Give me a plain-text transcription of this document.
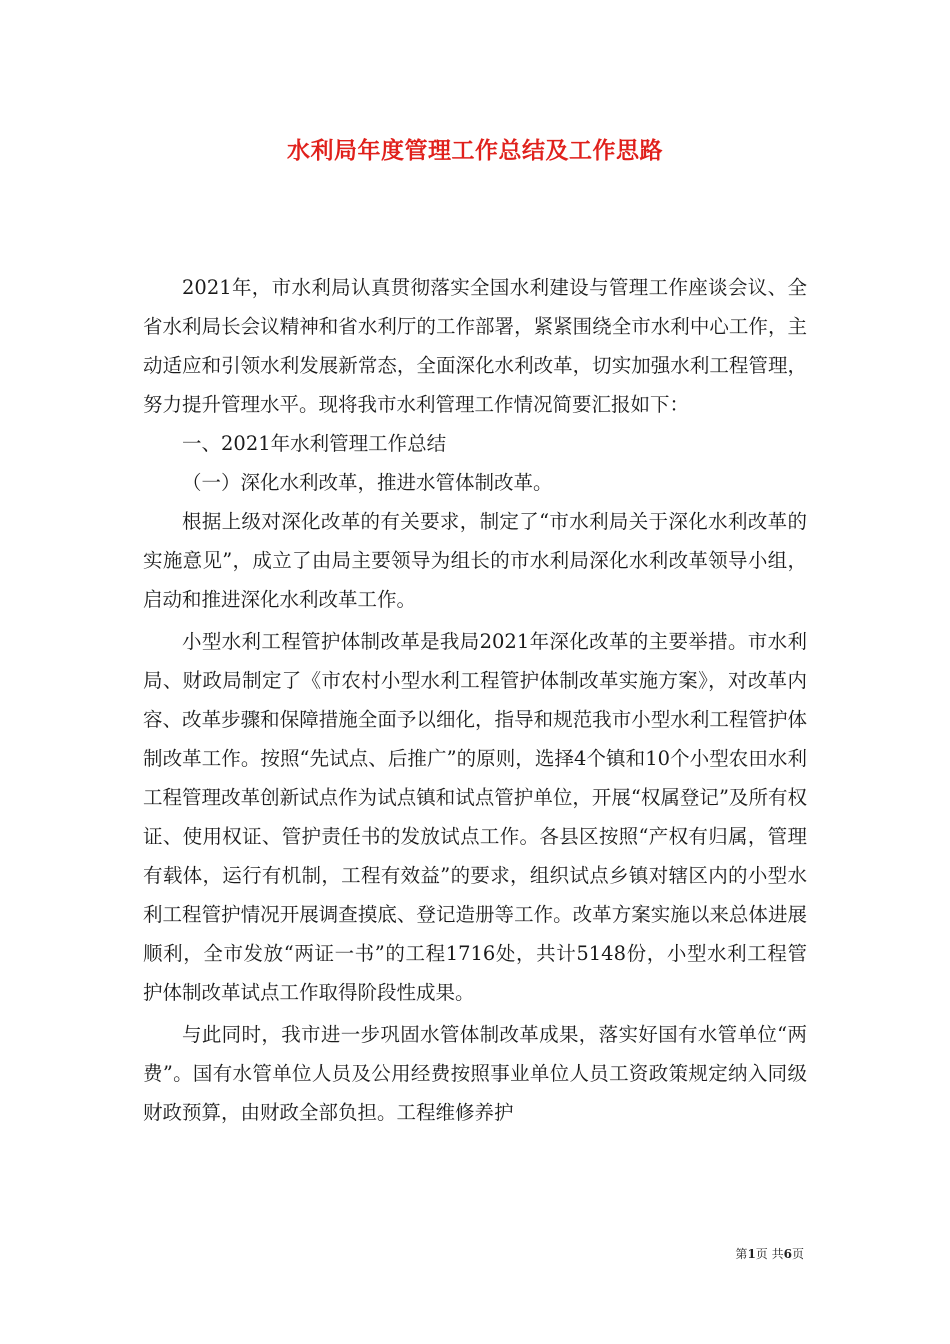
水利局年度管理工作总结及工作思路

2021年，市水利局认真贯彻落实全国水利建设与管理工作座谈会议、全省水利局长会议精神和省水利厅的工作部署，紧紧围绕全市水利中心工作，主动适应和引领水利发展新常态，全面深化水利改革，切实加强水利工程管理，努力提升管理水平。现将我市水利管理工作情况简要汇报如下：

一、2021年水利管理工作总结

（一）深化水利改革，推进水管体制改革。

根据上级对深化改革的有关要求，制定了“市水利局关于深化水利改革的实施意见”，成立了由局主要领导为组长的市水利局深化水利改革领导小组，启动和推进深化水利改革工作。

小型水利工程管护体制改革是我局2021年深化改革的主要举措。市水利局、财政局制定了《市农村小型水利工程管护体制改革实施方案》，对改革内容、改革步骤和保障措施全面予以细化，指导和规范我市小型水利工程管护体制改革工作。按照“先试点、后推广”的原则，选择4个镇和10个小型农田水利工程管理改革创新试点作为试点镇和试点管护单位，开展“权属登记”及所有权证、使用权证、管护责任书的发放试点工作。各县区按照“产权有归属，管理有载体，运行有机制，工程有效益”的要求，组织试点乡镇对辖区内的小型水利工程管护情况开展调查摸底、登记造册等工作。改革方案实施以来总体进展顺利，全市发放“两证一书”的工程1716处，共计5148份，小型水利工程管护体制改革试点工作取得阶段性成果。

与此同时，我市进一步巩固水管体制改革成果，落实好国有水管单位“两费”。国有水管单位人员及公用经费按照事业单位人员工资政策规定纳入同级财政预算，由财政全部负担。工程维修养护

第1页 共6页
